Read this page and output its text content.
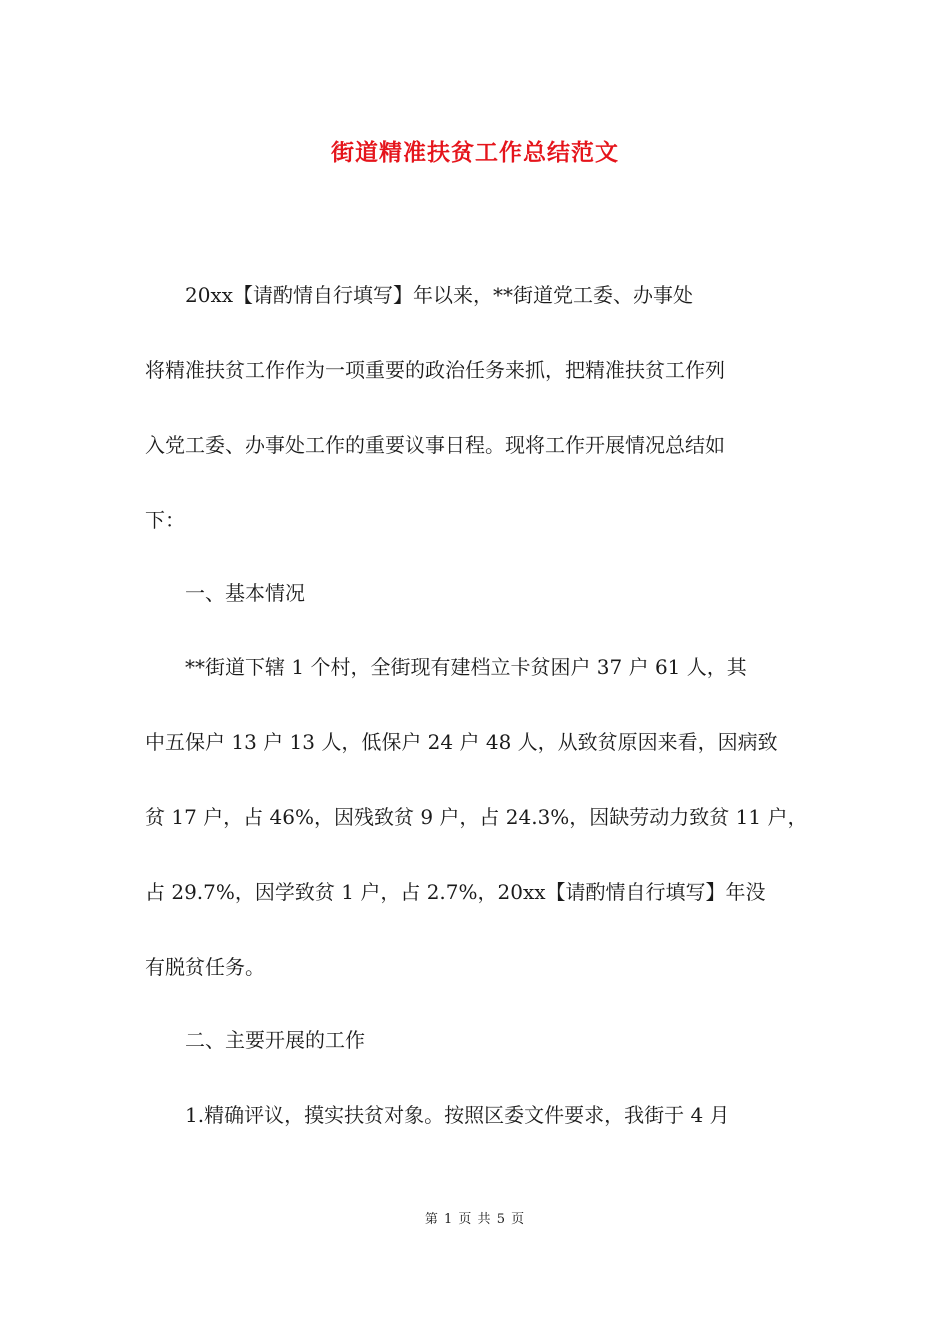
街道精准扶贫工作总结范文
　　20xx【请酌情自行填写】年以来，**街道党工委、办事处
将精准扶贫工作作为一项重要的政治任务来抓，把精准扶贫工作列
入党工委、办事处工作的重要议事日程。现将工作开展情况总结如
下：
　　一、基本情况
　　**街道下辖 1 个村，全街现有建档立卡贫困户 37 户 61 人，其
中五保户 13 户 13 人，低保户 24 户 48 人，从致贫原因来看，因病致
贫 17 户，占 46%，因残致贫 9 户，占 24.3%，因缺劳动力致贫 11 户，
占 29.7%，因学致贫 1 户，占 2.7%，20xx【请酌情自行填写】年没
有脱贫任务。
　　二、主要开展的工作
　　1.精确评议，摸实扶贫对象。按照区委文件要求，我街于 4 月
第 1 页 共 5 页
